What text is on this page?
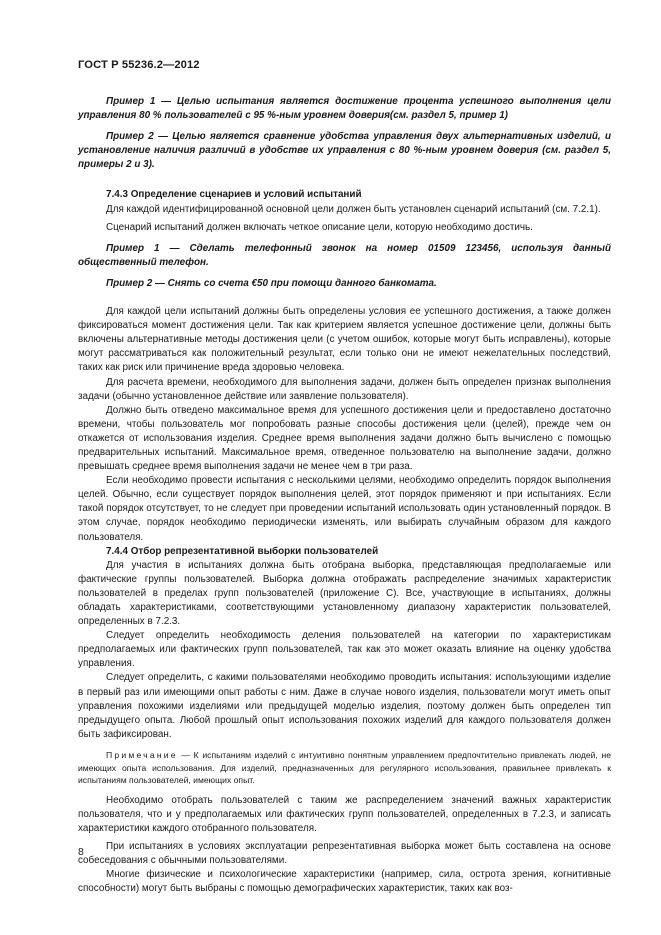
ГОСТ Р 55236.2—2012

Пример 1 — Целью испытания является достижение процента успешного выполнения цели управления 80 % пользователей с 95 %-ным уровнем доверия(см. раздел 5, пример 1)

Пример 2 — Целью является сравнение удобства управления двух альтернативных изделий, и установление наличия различий в удобстве их управления с 80 %-ным уровнем доверия (см. раздел 5, примеры 2 и 3).

7.4.3 Определение сценариев и условий испытаний

Для каждой идентифицированной основной цели должен быть установлен сценарий испытаний (см. 7.2.1).

Сценарий испытаний должен включать четкое описание цели, которую необходимо достичь.

Пример 1 — Сделать телефонный звонок на номер 01509 123456, используя данный общественный телефон.

Пример 2 — Снять со счета €50 при помощи данного банкомата.

Для каждой цели испытаний должны быть определены условия ее успешного достижения, а также должен фиксироваться момент достижения цели. Так как критерием является успешное достижение цели, должны быть включены альтернативные методы достижения цели (с учетом ошибок, которые могут быть исправлены), которые могут рассматриваться как положительный результат, если только они не имеют нежелательных последствий, таких как риск или причинение вреда здоровью человека.

Для расчета времени, необходимого для выполнения задачи, должен быть определен признак выполнения задачи (обычно установленное действие или заявление пользователя).

Должно быть отведено максимальное время для успешного достижения цели и предоставлено достаточно времени, чтобы пользователь мог попробовать разные способы достижения цели (целей), прежде чем он откажется от использования изделия. Среднее время выполнения задачи должно быть вычислено с помощью предварительных испытаний. Максимальное время, отведенное пользователю на выполнение задачи, должно превышать среднее время выполнения задачи не менее чем в три раза.

Если необходимо провести испытания с несколькими целями, необходимо определить порядок выполнения целей. Обычно, если существует порядок выполнения целей, этот порядок применяют и при испытаниях. Если такой порядок отсутствует, то не следует при проведении испытаний использовать один установленный порядок. В этом случае, порядок необходимо периодически изменять, или выбирать случайным образом для каждого пользователя.

7.4.4 Отбор репрезентативной выборки пользователей

Для участия в испытаниях должна быть отобрана выборка, представляющая предполагаемые или фактические группы пользователей. Выборка должна отображать распределение значимых характеристик пользователей в пределах групп пользователей (приложение С). Все, участвующие в испытаниях, должны обладать характеристиками, соответствующими установленному диапазону характеристик пользователей, определенных в 7.2.3.

Следует определить необходимость деления пользователей на категории по характеристикам предполагаемых или фактических групп пользователей, так как это может оказать влияние на оценку удобства управления.

Следует определить, с какими пользователями необходимо проводить испытания: использующими изделие в первый раз или имеющими опыт работы с ним. Даже в случае нового изделия, пользователи могут иметь опыт управления похожими изделиями или предыдущей моделью изделия, поэтому должен быть определен тип предыдущего опыта. Любой прошлый опыт использования похожих изделий для каждого пользователя должен быть зафиксирован.

Примечание — К испытаниям изделий с интуитивно понятным управлением предпочтительно привлекать людей, не имеющих опыта использования. Для изделий, предназначенных для регулярного использования, правильнее привлекать к испытаниям пользователей, имеющих опыт.

Необходимо отобрать пользователей с таким же распределением значений важных характеристик пользователя, что и у предполагаемых или фактических групп пользователей, определенных в 7.2.3, и записать характеристики каждого отобранного пользователя.

При испытаниях в условиях эксплуатации репрезентативная выборка может быть составлена на основе собеседования с обычными пользователями.

Многие физические и психологические характеристики (например, сила, острота зрения, когнитивные способности) могут быть выбраны с помощью демографических характеристик, таких как воз-

8
